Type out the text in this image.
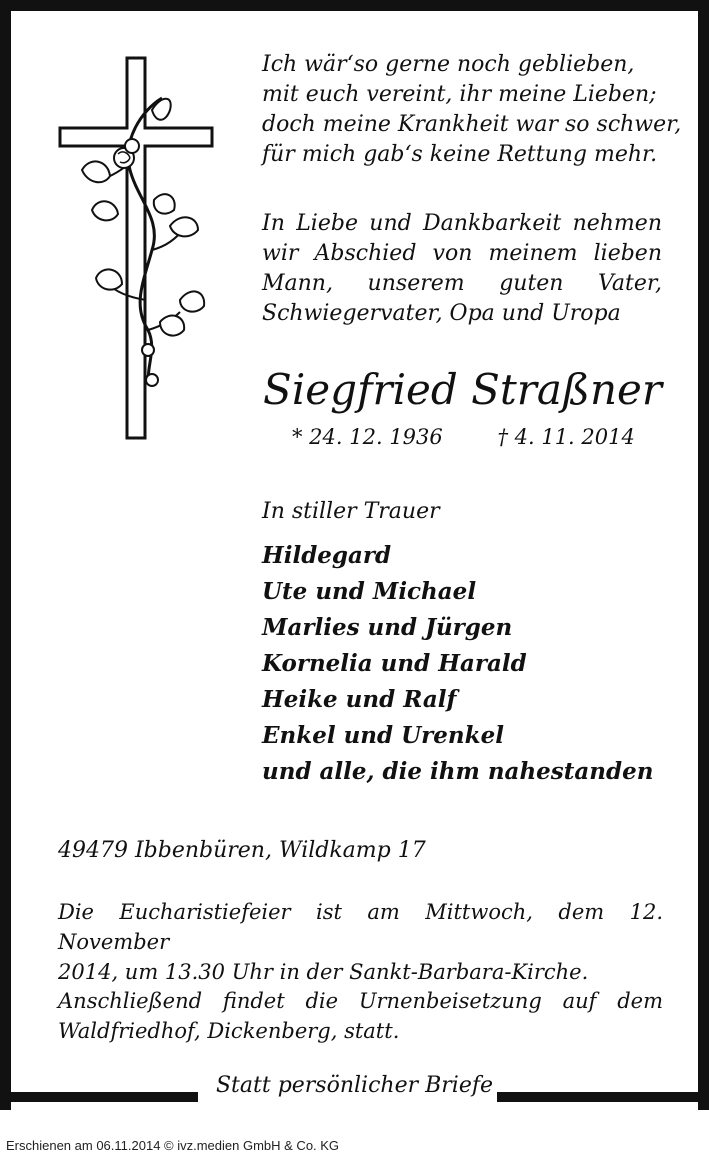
Ich wär‘so gerne noch geblieben,
mit euch vereint, ihr meine Lieben;
doch meine Krankheit war so schwer,
für mich gab‘s keine Rettung mehr.
In Liebe und Dankbarkeit nehmen
wir Abschied von meinem lieben
Mann, unserem guten Vater,
Schwiegervater, Opa und Uropa
Siegfried Straßner
* 24. 12. 1936	† 4. 11. 2014
In stiller Trauer
Hildegard
Ute und Michael
Marlies und Jürgen
Kornelia und Harald
Heike und Ralf
Enkel und Urenkel
und alle, die ihm nahestanden
49479 Ibbenbüren, Wildkamp 17
Die Eucharistiefeier ist am Mittwoch, dem 12. November
2014, um 13.30 Uhr in der Sankt-Barbara-Kirche.
Anschließend findet die Urnenbeisetzung auf dem
Waldfriedhof, Dickenberg, statt.
Statt persönlicher Briefe
Erschienen am 06.11.2014 © ivz.medien GmbH & Co. KG
